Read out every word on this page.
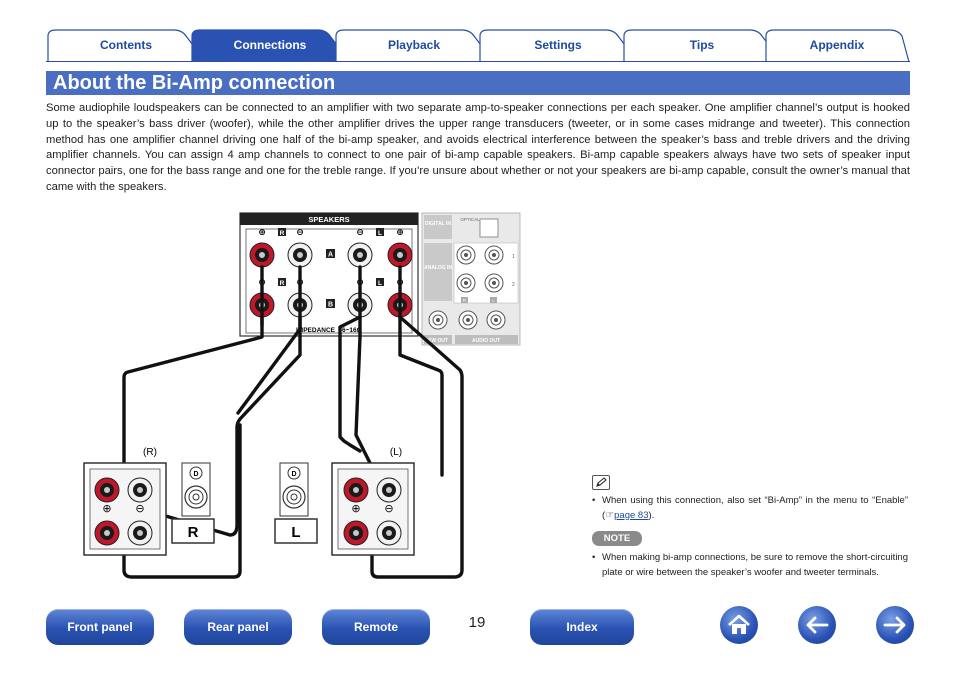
Contents	Connections	Playback	Settings	Tips	Appendix
About the Bi-Amp connection

Some audiophile loudspeakers can be connected to an amplifier with two separate amp-to-speaker connections per each speaker. One amplifier channel’s output is hooked up to the speaker’s bass driver (woofer), while the other amplifier drives the upper range transducers (tweeter, or in some cases midrange and tweeter). This connection method has one amplifier channel driving one half of the bi-amp speaker, and avoids electrical interference between the speaker’s bass and treble drivers and the driving amplifier channels. You can assign 4 amp channels to connect to one pair of bi-amp capable speakers. Bi-amp capable speakers always have two sets of speaker input connector pairs, one for the bass range and one for the treble range. If you’re unsure about whether or not your speakers are bi-amp capable, consult the owner’s manual that came with the speakers.

SPEAKERS
⊕ R ⊖	⊖ L ⊕
A
⊕ R ⊖	⊖ L ⊕
B
IMPEDANCE 6~16Ω
DIGITAL IN
OPTICAL
ANALOG IN
1
2
R	L
SW OUT	AUDIO OUT
(R)
⊕ ⊖
D
R
(L)
⊕ ⊖
D
L
• When using this connection, also set “Bi-Amp” in the menu to “Enable” (☞page 83).
NOTE
• When making bi-amp connections, be sure to remove the short-circuiting plate or wire between the speaker’s woofer and tweeter terminals.
Front panel	Rear panel	Remote	19	Index
